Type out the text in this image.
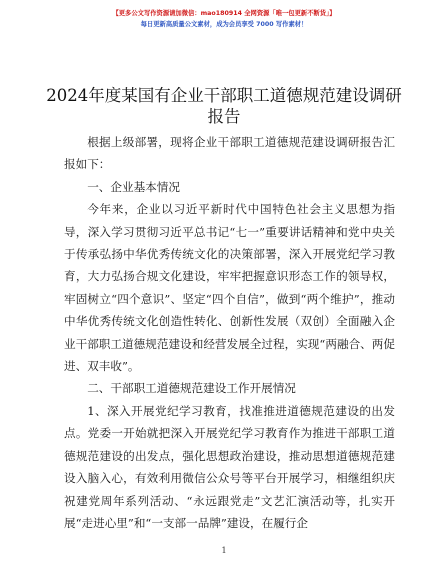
【更多公文写作资源请加微信：mao180914 全网资源「唯一包更新不断货」】
每日更新高质量公文素材，成为会员享受 7000 写作素材！
2024年度某国有企业干部职工道德规范建设调研报告

根据上级部署，现将企业干部职工道德规范建设调研报告汇报如下：

一、企业基本情况

今年来，企业以习近平新时代中国特色社会主义思想为指导，深入学习贯彻习近平总书记“七一”重要讲话精神和党中央关于传承弘扬中华优秀传统文化的决策部署，深入开展党纪学习教育，大力弘扬合规文化建设，牢牢把握意识形态工作的领导权，牢固树立“四个意识”、坚定“四个自信”，做到“两个维护”，推动中华优秀传统文化创造性转化、创新性发展（双创）全面融入企业干部职工道德规范建设和经营发展全过程，实现“两融合、两促进、双丰收”。

二、干部职工道德规范建设工作开展情况

1、深入开展党纪学习教育，找准推进道德规范建设的出发点。党委一开始就把深入开展党纪学习教育作为推进干部职工道德规范建设的出发点，强化思想政治建设，推动思想道德规范建设入脑入心，有效利用微信公众号等平台开展学习，相继组织庆祝建党周年系列活动、“永远跟党走”文艺汇演活动等，扎实开展“走进心里”和“一支部一品牌”建设，在履行企

1
